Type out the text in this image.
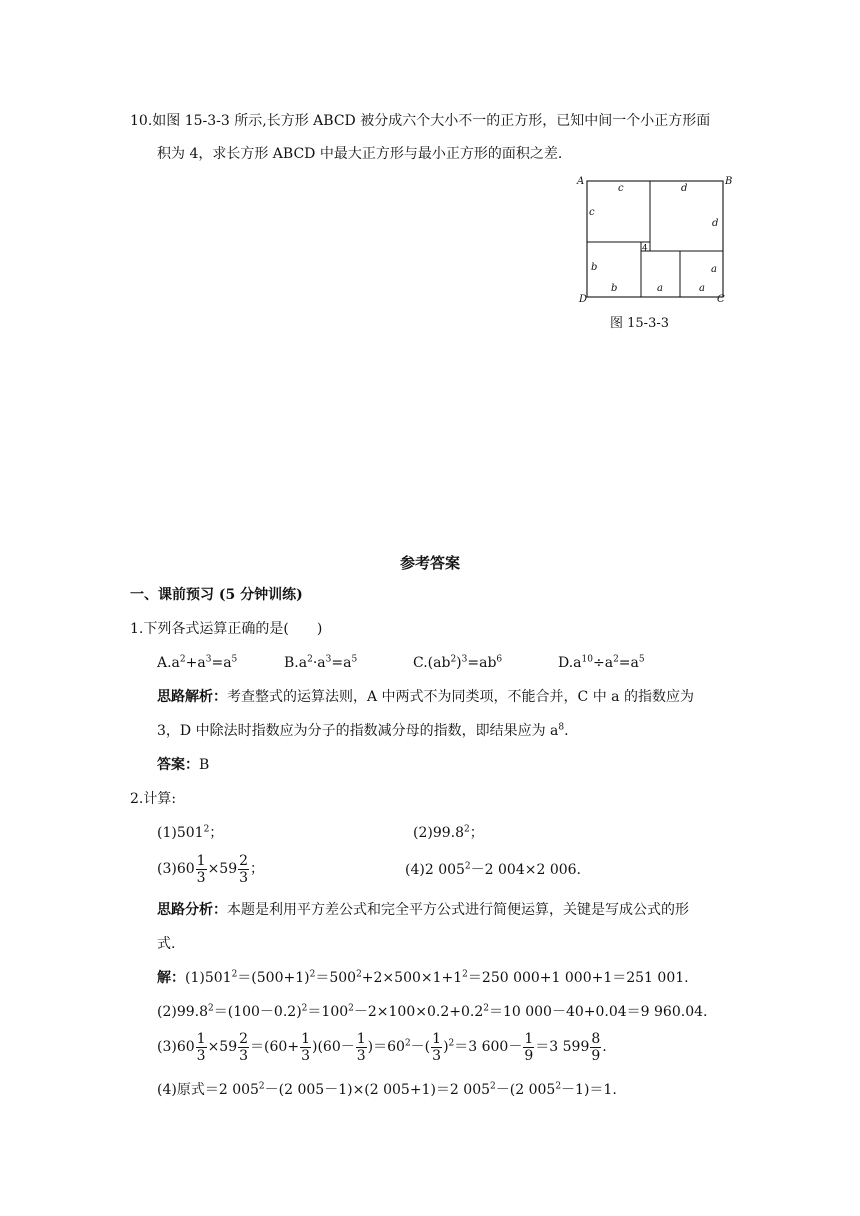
10.如图 15-3-3 所示,长方形 ABCD 被分成六个大小不一的正方形，已知中间一个小正方形面
积为 4，求长方形 ABCD 中最大正方形与最小正方形的面积之差.
A	B
C
D
c
c
d
d
4
b
b	a	a
a
图 15-3-3
参考答案
一、课前预习 (5 分钟训练)
1.下列各式运算正确的是(　　)
$A.a^2+a^3=a^5$	$B.a^2\cdot a^3=a^5$	$C.(ab^2)^3=ab^6$	$D.a^{10}\div a^2=a^5$
思路解析：考查整式的运算法则，A 中两式不为同类项，不能合并，C 中 a 的指数应为
3，D 中除法时指数应为分子的指数减分母的指数，即结果应为 $a^8$.
答案：B
2.计算:
$(1)501^2$；	(2)99.8$^2$；
$(3)60 \frac{1}{3} \times 59 \frac{2}{3}$ ；	(4)2 $005^2-2$ 004×2 006.
思路分析：本题是利用平方差公式和完全平方公式进行简便运算，关键是写成公式的形
式.
解：$(1)501^2=(500+1)^2=500^2+2\times 500\times 1+1^2=250$ 000+1 000+1＝251 001.
$(2)99.8^2=(100-0.2)^2=100^2-2\times 100\times 0.2+0.2^2=10$ 000－40+0.04＝9 960.04.
$(3)60 \frac{1}{3} \times 59 \frac{2}{3} =(60+ \frac{1}{3} )(60- \frac{1}{3} )=60^2-( \frac{1}{3} )^2=3$ $600- \frac{1}{9} =3$ $599 \frac{8}{9}$ .
(4)原式＝2 $005^2-(2$ 005－1)×(2 005+1)＝2 $005^2-(2$ $005^2-1)=1$.
